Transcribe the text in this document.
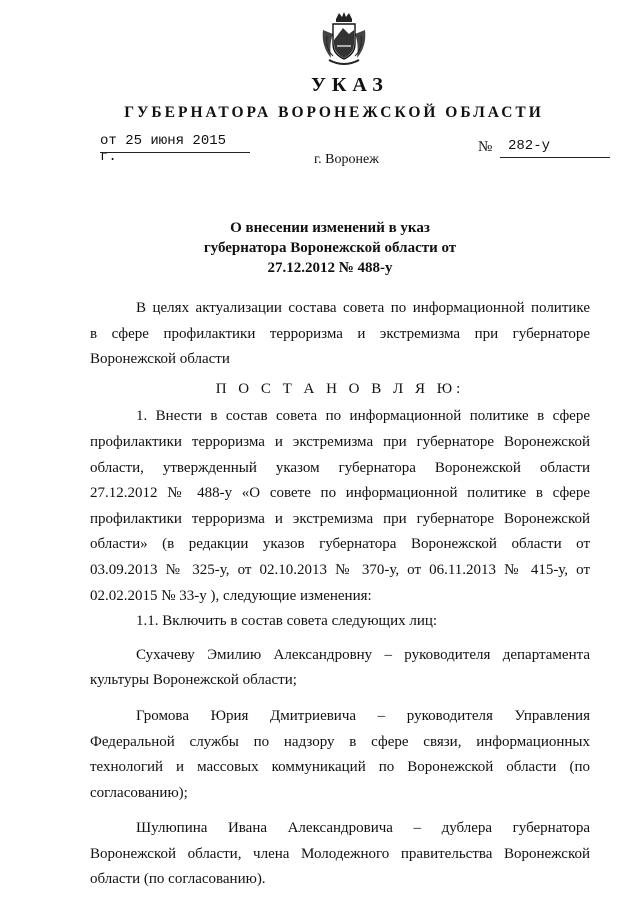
УКАЗ
ГУБЕРНАТОРА ВОРОНЕЖСКОЙ ОБЛАСТИ
от 25 июня 2015 г.
№ 282-у
г. Воронеж
О внесении изменений в указ
губернатора Воронежской области от
27.12.2012 № 488-у
В целях актуализации состава совета по информационной политике
в сфере профилактики терроризма и экстремизма при губернаторе
Воронежской области
П О С Т А Н О В Л Я Ю:
1. Внести в состав совета по информационной политике в сфере
профилактики терроризма и экстремизма при губернаторе Воронежской
области, утвержденный указом губернатора Воронежской области
27.12.2012 № 488-у «О совете по информационной политике в сфере
профилактики терроризма и экстремизма при губернаторе Воронежской
области» (в редакции указов губернатора Воронежской области от
03.09.2013 № 325-у, от 02.10.2013 № 370-у, от 06.11.2013 № 415-у, от
02.02.2015 № 33-у ), следующие изменения:
1.1. Включить в состав совета следующих лиц:
Сухачеву Эмилию Александровну – руководителя департамента
культуры Воронежской области;
Громова Юрия Дмитриевича – руководителя Управления
Федеральной службы по надзору в сфере связи, информационных
технологий и массовых коммуникаций по Воронежской области (по
согласованию);
Шулюпина Ивана Александровича – дублера губернатора
Воронежской области, члена Молодежного правительства Воронежской
области (по согласованию).
